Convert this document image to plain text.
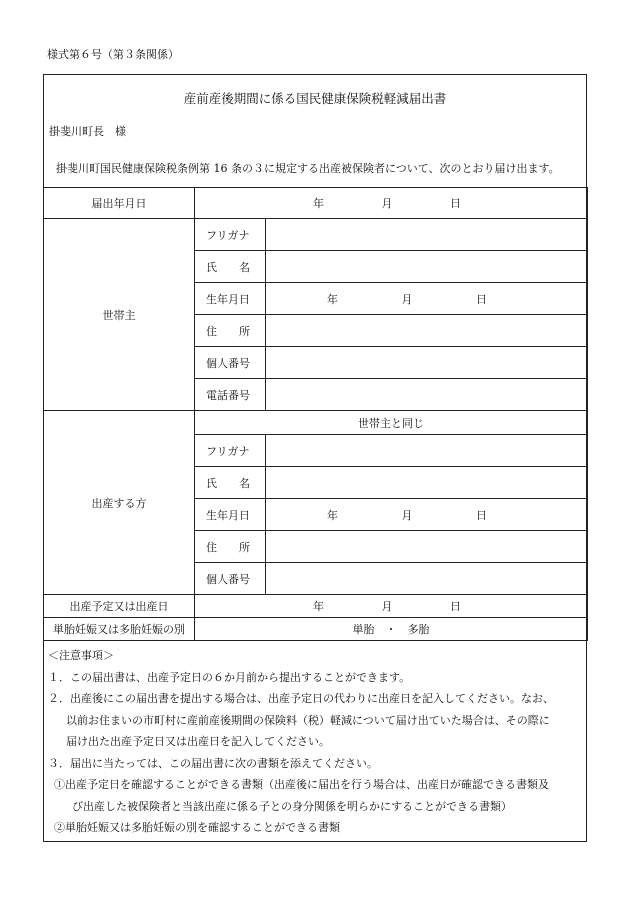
様式第６号（第３条関係）
産前産後期間に係る国民健康保険税軽減届出書
掛斐川町長　様
掛斐川町国民健康保険税条例第 16 条の３に規定する出産被保険者について、次のとおり届け出ます。
届出年月日	年 月 日	

世帯主	フリガナ	
	氏　　名	
	生年月日	年 月 日

	住　　所	
	個人番号	
	電話番号	
出産する方	世帯主と同じ	
	フリガナ	
	氏　　名	
	生年月日	年 月 日

	住　　所	
	個人番号	
出産予定又は出産日	年 月 日	

単胎妊娠又は多胎妊娠の別	単胎　・　多胎	
＜注意事項＞
１．この届出書は、出産予定日の６か月前から提出することができます。
２．出産後にこの届出書を提出する場合は、出産予定日の代わりに出産日を記入してください。なお、
以前お住まいの市町村に産前産後期間の保険料（税）軽減について届け出ていた場合は、その際に
届け出た出産予定日又は出産日を記入してください。
３．届出に当たっては、この届出書に次の書類を添えてください。
①出産予定日を確認することができる書類（出産後に届出を行う場合は、出産日が確認できる書類及
び出産した被保険者と当該出産に係る子との身分関係を明らかにすることができる書類）
②単胎妊娠又は多胎妊娠の別を確認することができる書類
